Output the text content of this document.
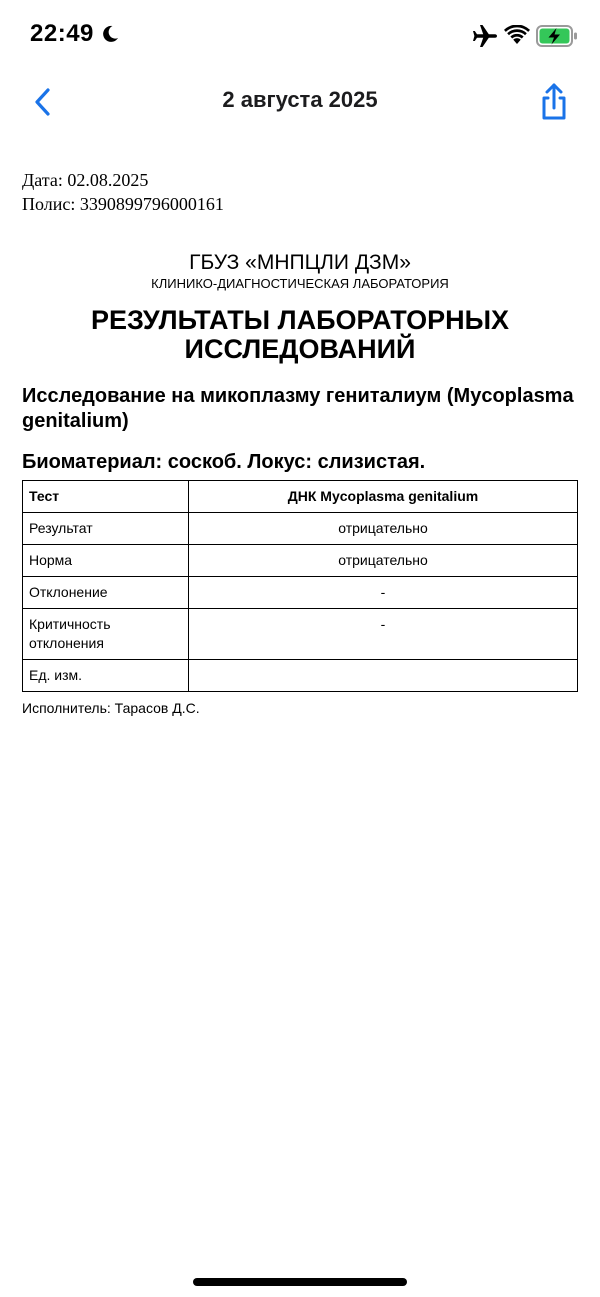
22:49
2 августа 2025
Дата: 02.08.2025
Полис: 3390899796000161
ГБУЗ «МНПЦЛИ ДЗМ»
КЛИНИКО-ДИАГНОСТИЧЕСКАЯ ЛАБОРАТОРИЯ
РЕЗУЛЬТАТЫ ЛАБОРАТОРНЫХ ИССЛЕДОВАНИЙ
Исследование на микоплазму гениталиум (Mycoplasma genitalium)
Биоматериал: соскоб. Локус: слизистая.
Тест	ДНК Mycoplasma genitalium
Результат	отрицательно
Норма	отрицательно
Отклонение	-
Критичность отклонения	-
Ед. изм.	
Исполнитель: Тарасов Д.С.
